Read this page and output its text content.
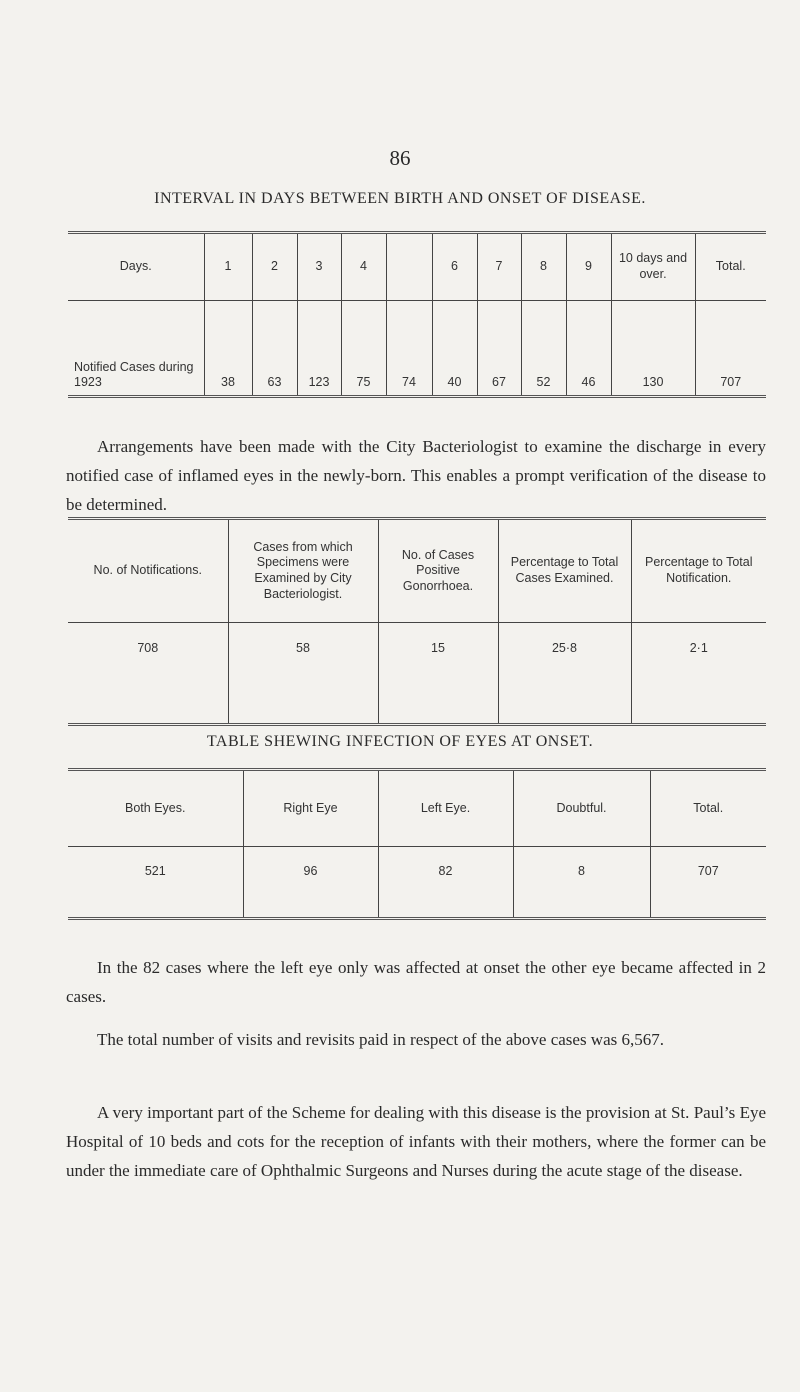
86
INTERVAL IN DAYS BETWEEN BIRTH AND ONSET OF DISEASE.
Days.	1	2	3	4		6	7	8	9	10 days and over.	Total.
Notified Cases during 1923	38	63	123	75	74	40	67	52	46	130	707

Arrangements have been made with the City Bacteriologist to examine the discharge in every notified case of inflamed eyes in the newly-born. This enables a prompt verification of the disease to be determined.

No. of Notifications.	Cases from which Specimens were Examined by City Bacteriologist.	No. of Cases Positive Gonorrhoea.	Percentage to Total Cases Examined.	Percentage to Total Notification.
708	58	15	25·8	2·1
TABLE SHEWING INFECTION OF EYES AT ONSET.
Both Eyes.	Right Eye	Left Eye.	Doubtful.	Total.
521	96	82	8	707

In the 82 cases where the left eye only was affected at onset the other eye became affected in 2 cases.

The total number of visits and revisits paid in respect of the above cases was 6,567.

A very important part of the Scheme for dealing with this disease is the provision at St. Paul’s Eye Hospital of 10 beds and cots for the reception of infants with their mothers, where the former can be under the immediate care of Ophthalmic Surgeons and Nurses during the acute stage of the disease.
